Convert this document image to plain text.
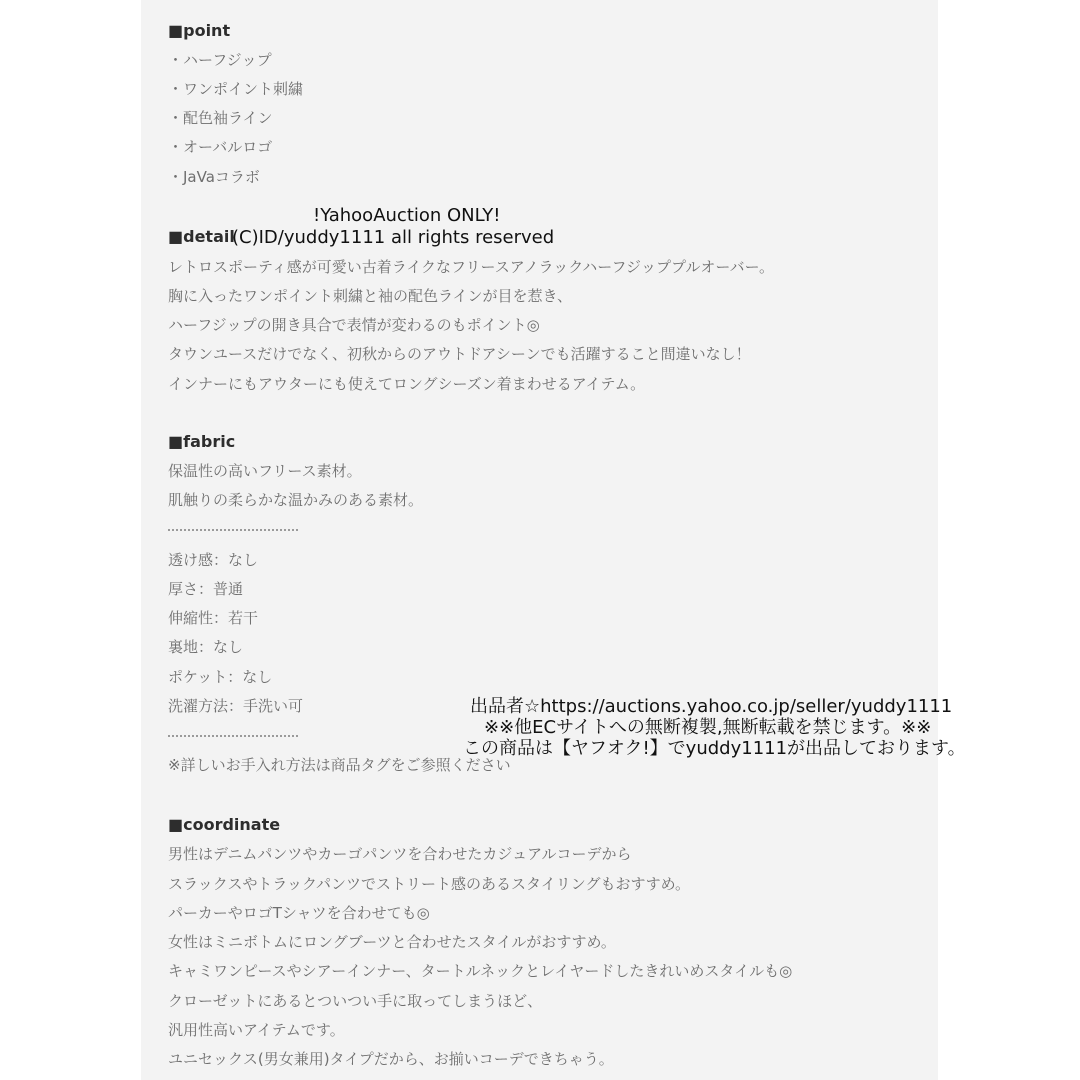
■point

・ハーフジップ

・ワンポイント刺繍

・配色袖ライン

・オーバルロゴ

・JaVaコラボ

■detail

レトロスポーティ感が可愛い古着ライクなフリースアノラックハーフジッププルオーバー。

胸に入ったワンポイント刺繍と袖の配色ラインが目を惹き、

ハーフジップの開き具合で表情が変わるのもポイント◎

タウンユースだけでなく、初秋からのアウトドアシーンでも活躍すること間違いなし！

インナーにもアウターにも使えてロングシーズン着まわせるアイテム。

■fabric

保温性の高いフリース素材。

肌触りの柔らかな温かみのある素材。

透け感：なし

厚さ：普通

伸縮性：若干

裏地：なし

ポケット：なし

洗濯方法：手洗い可

※詳しいお手入れ方法は商品タグをご参照ください

■coordinate

男性はデニムパンツやカーゴパンツを合わせたカジュアルコーデから

スラックスやトラックパンツでストリート感のあるスタイリングもおすすめ。

パーカーやロゴTシャツを合わせても◎

女性はミニボトムにロングブーツと合わせたスタイルがおすすめ。

キャミワンピースやシアーインナー、タートルネックとレイヤードしたきれいめスタイルも◎

クローゼットにあるとついつい手に取ってしまうほど、

汎用性高いアイテムです。

ユニセックス(男女兼用)タイプだから、お揃いコーデできちゃう。

!YahooAuction ONLY!

(C)ID/yuddy1111 all rights reserved

出品者☆https://auctions.yahoo.co.jp/seller/yuddy1111

※※他ECサイトへの無断複製,無断転載を禁じます。※※

この商品は【ヤフオク!】でyuddy1111が出品しております。
